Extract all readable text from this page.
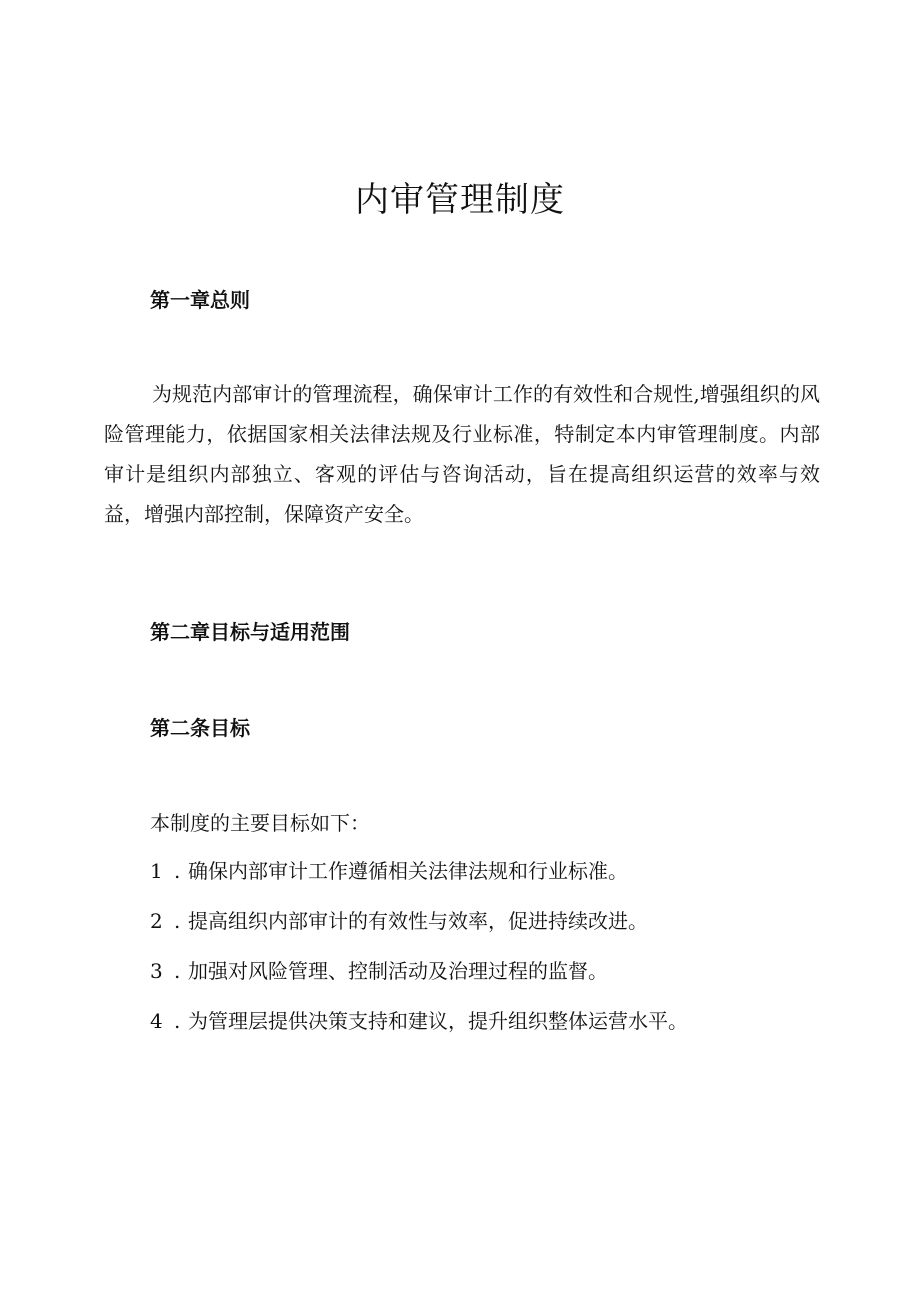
内审管理制度
第一章总则

为规范内部审计的管理流程，确保审计工作的有效性和合规性,增强组织的风险管理能力，依据国家相关法律法规及行业标准，特制定本内审管理制度。内部审计是组织内部独立、客观的评估与咨询活动，旨在提高组织运营的效率与效益，增强内部控制，保障资产安全。

第二章目标与适用范围
第二条目标

本制度的主要目标如下：

1 . 确保内部审计工作遵循相关法律法规和行业标准。
2 . 提高组织内部审计的有效性与效率，促进持续改进。
3 . 加强对风险管理、控制活动及治理过程的监督。
4 . 为管理层提供决策支持和建议，提升组织整体运营水平。
